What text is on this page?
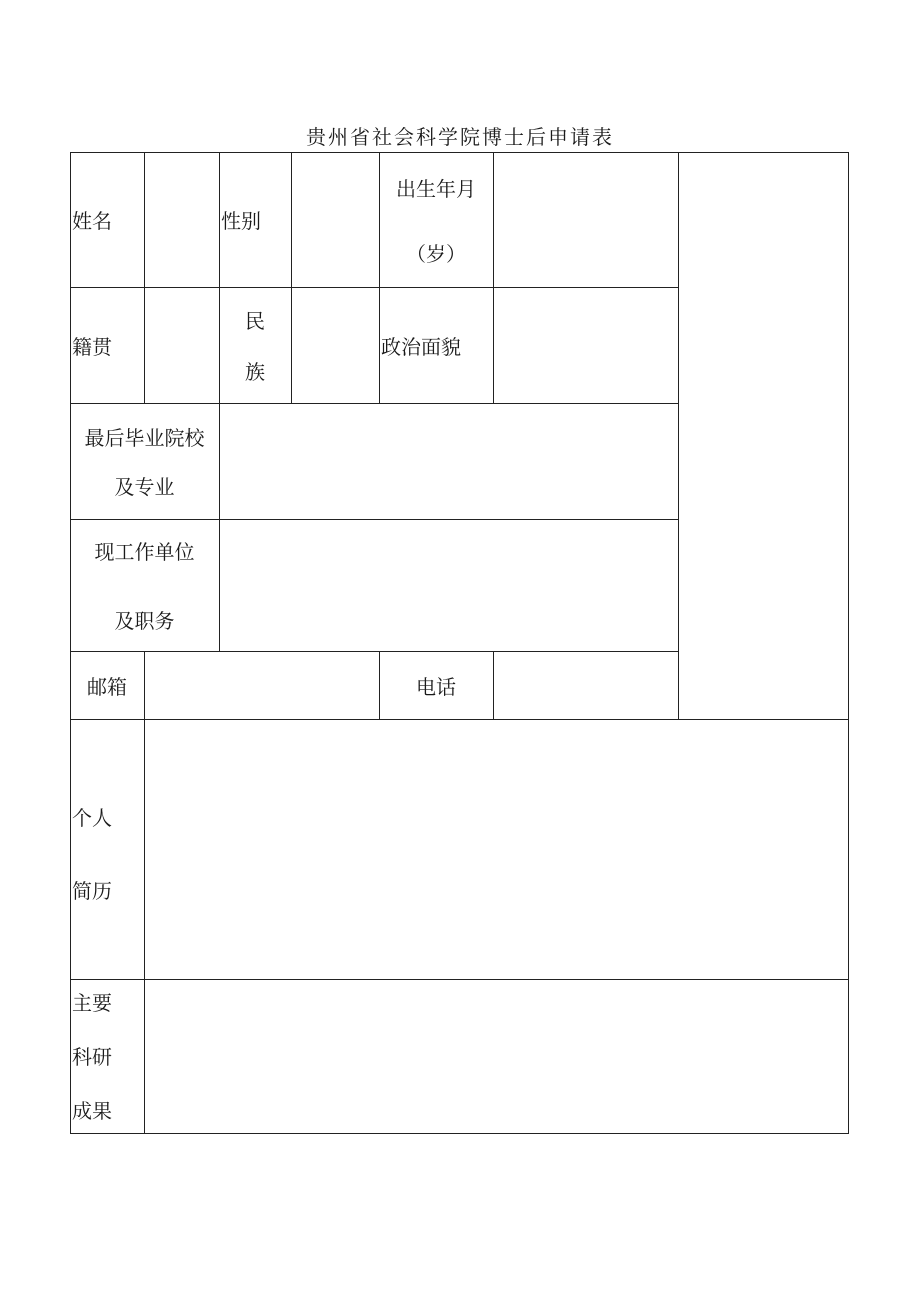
贵州省社会科学院博士后申请表
姓名	性别
出生年月
（岁）
籍贯
民
族
政治面貌
最后毕业院校
及专业
现工作单位
及职务
邮箱	电话
个人
简历
主要
科研
成果
